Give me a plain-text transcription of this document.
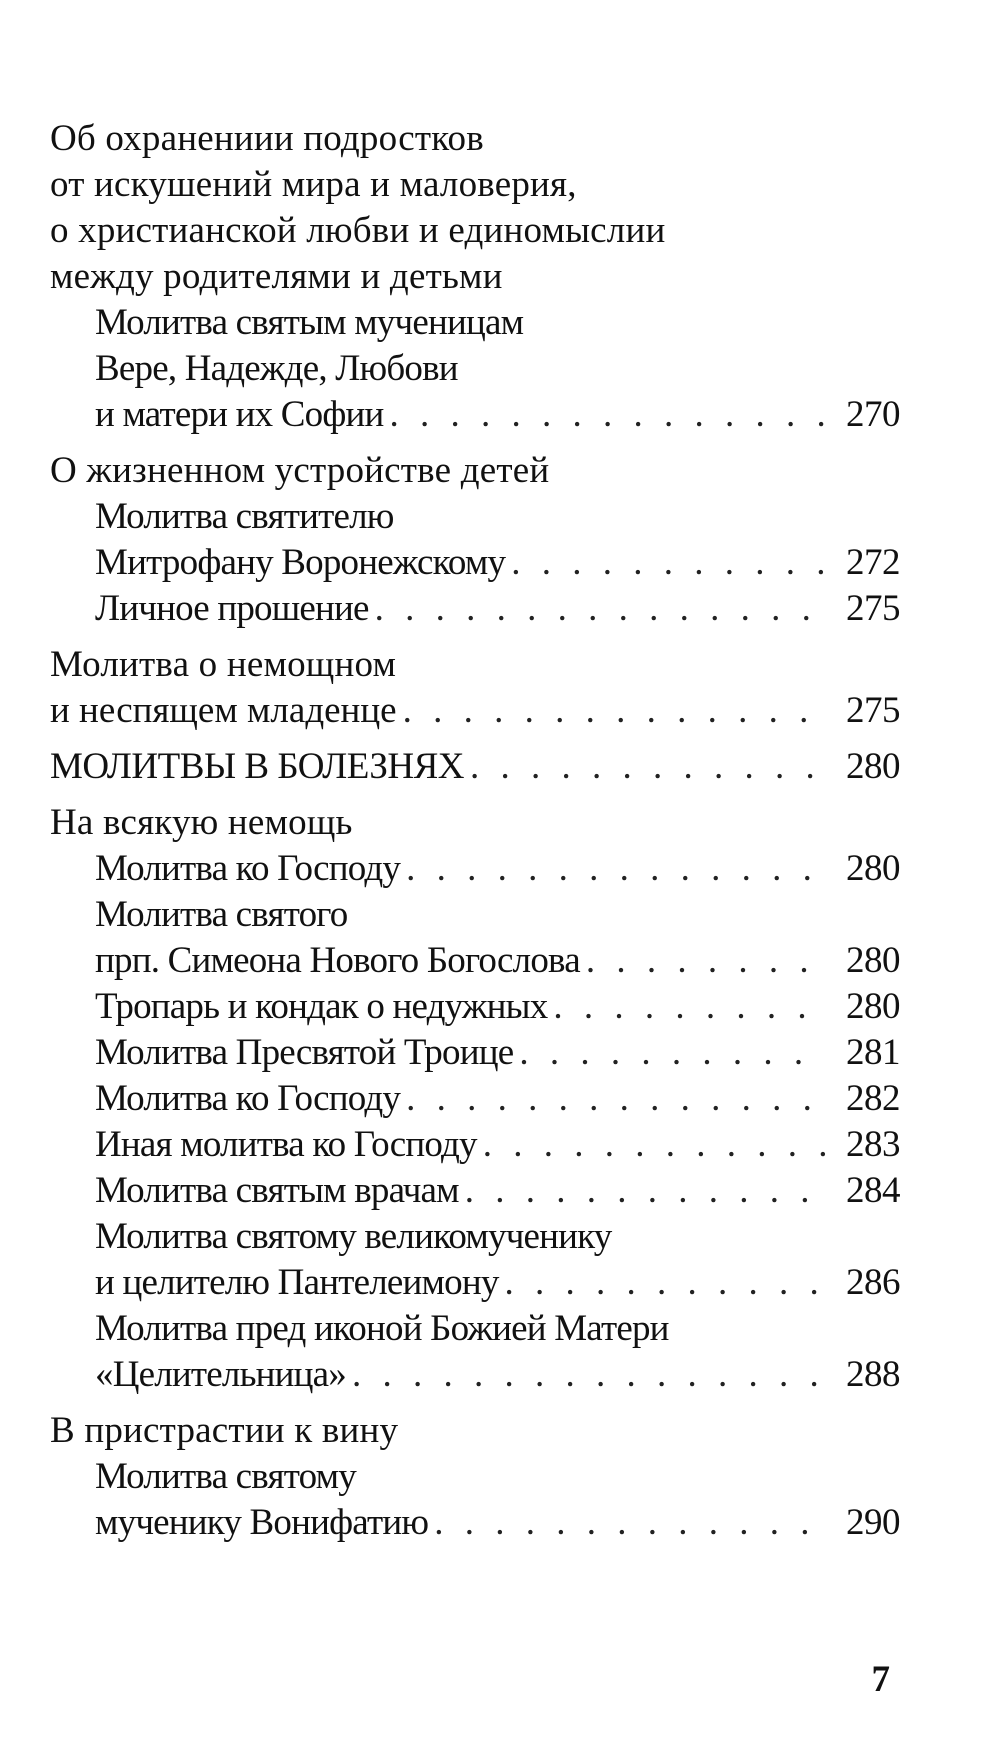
Об охранениии подростков
от искушений мира и маловерия,
о христианской любви и единомыслии
между родителями и детьми
Молитва святым мученицам
Вере, Надежде, Любови
и матери их Софии . . .	270
О жизненном устройстве детей
Молитва святителю
Митрофану Воронежскому . . .	272
Личное прошение . . .	275
Молитва о немощном
и неспящем младенце . . .	275
МОЛИТВЫ В БОЛЕЗНЯХ . . .	280
На всякую немощь
Молитва ко Господу . . .	280
Молитва святого
прп. Симеона Нового Богослова . . .	280
Тропарь и кондак о недужных . . .	280
Молитва Пресвятой Троице . . .	281
Молитва ко Господу . . .	282
Иная молитва ко Господу . . .	283
Молитва святым врачам . . .	284
Молитва святому великомученику
и целителю Пантелеимону . . .	286
Молитва пред иконой Божией Матери
«Целительница» . . .	288
В пристрастии к вину
Молитва святому
мученику Вонифатию . . .	290
7
